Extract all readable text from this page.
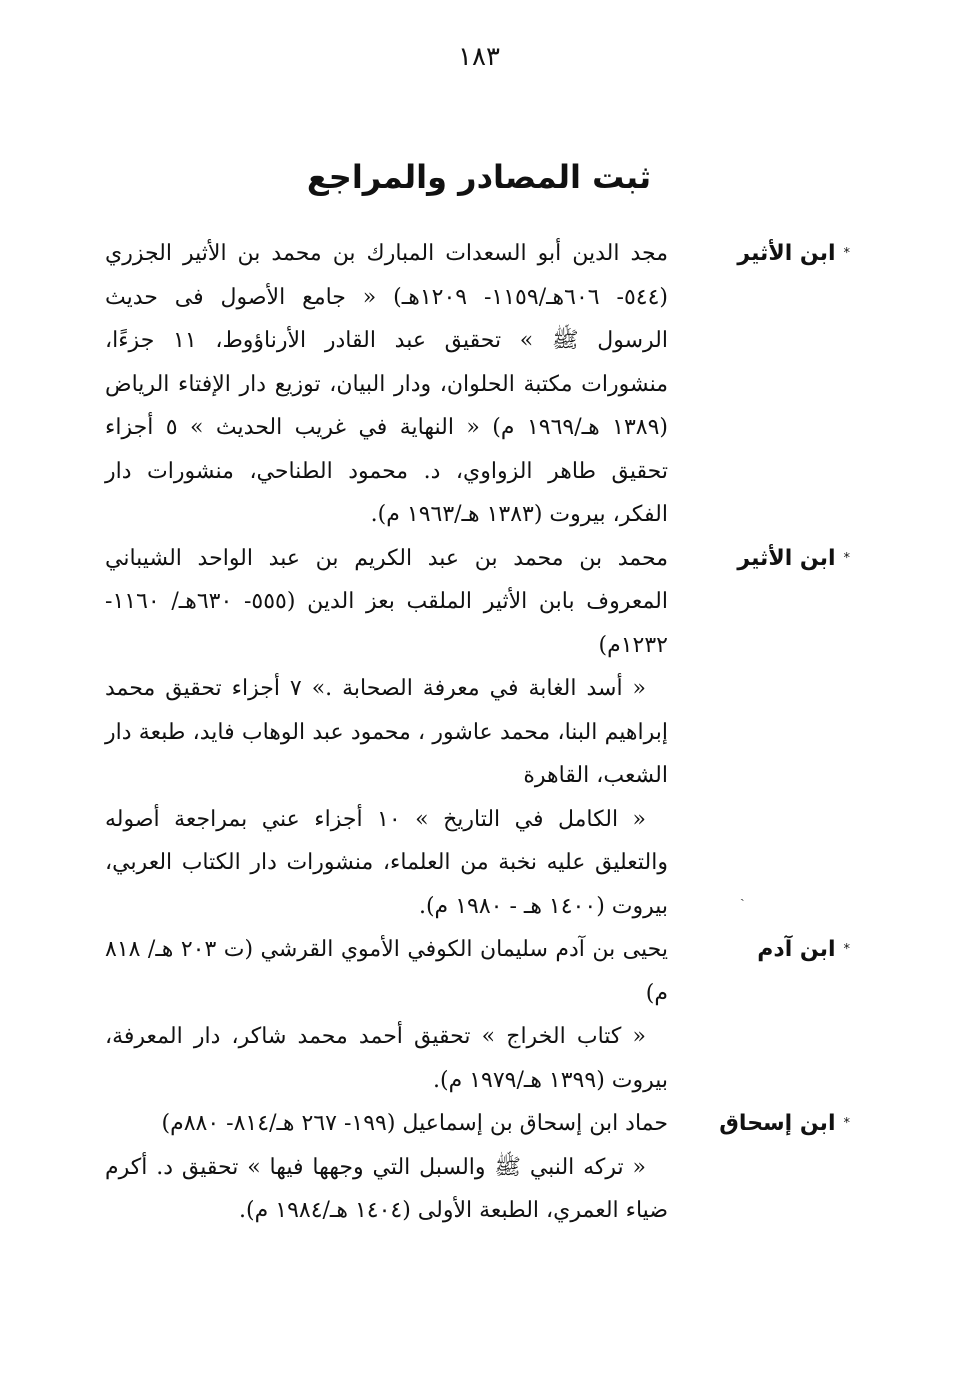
١٨٣
ثبت المصادر والمراجع
*ابن الأثير

مجد الدين أبو السعدات المبارك بن محمد بن الأثير الجزري (٥٤٤- ٦٠٦هـ/١١٥٩- ١٢٠٩هـ) « جامع الأصول فى حديث الرسول ﷺ » تحقيق عبد القادر الأرناؤوط، ١١ جزءًا، منشورات مكتبة الحلوان، ودار البيان، توزيع دار الإفتاء الرياض (١٣٨٩ هـ/١٩٦٩ م) « النهاية في غريب الحديث » ٥ أجزاء تحقيق طاهر الزواوي، د. محمود الطناحي، منشورات دار الفكر، بيروت (١٣٨٣ هـ/١٩٦٣ م).

*ابن الأثير

محمد بن محمد بن عبد الكريم بن عبد الواحد الشيباني المعروف بابن الأثير الملقب بعز الدين (٥٥٥- ٦٣٠هـ/ ١١٦٠- ١٢٣٢م)

« أسد الغابة في معرفة الصحابة .» ٧ أجزاء تحقيق محمد إبراهيم البنا، محمد عاشور ، محمود عبد الوهاب فايد، طبعة دار الشعب، القاهرة

« الكامل في التاريخ » ١٠ أجزاء عني بمراجعة أصوله والتعليق عليه نخبة من العلماء، منشورات دار الكتاب العربي، بيروت (١٤٠٠ هـ - ١٩٨٠ م).

*ابن آدم

يحيى بن آدم سليمان الكوفي الأموي القرشي (ت ٢٠٣ هـ/ ٨١٨ م)

« كتاب الخراج » تحقيق أحمد محمد شاكر، دار المعرفة، بيروت (١٣٩٩ هـ/١٩٧٩ م).

*ابن إسحاق

حماد ابن إسحاق بن إسماعيل (١٩٩- ٢٦٧ هـ/٨١٤- ٨٨٠م)

« تركه النبي ﷺ والسبل التي وجهها فيها » تحقيق د. أكرم ضياء العمري، الطبعة الأولى (١٤٠٤ هـ/١٩٨٤ م).

ˎ
